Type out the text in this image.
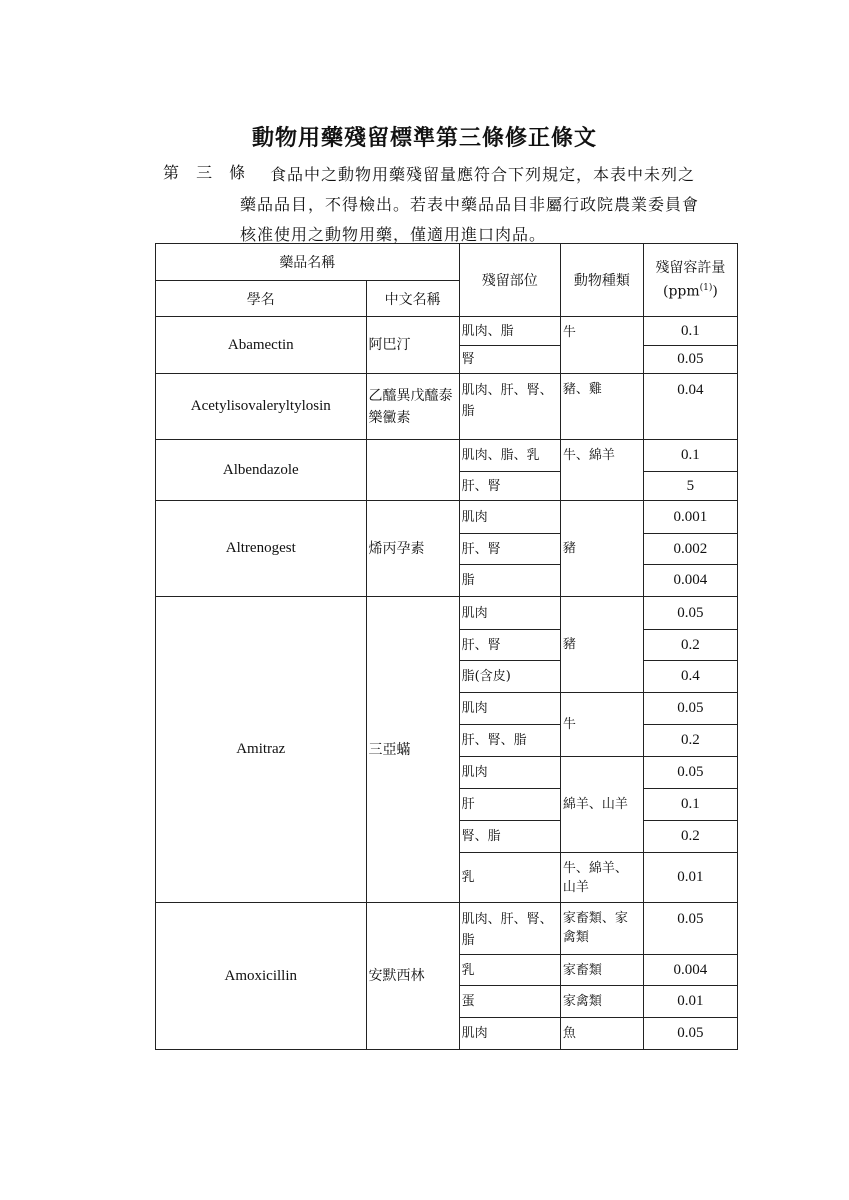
動物用藥殘留標準第三條修正條文
第 三 條	食品中之動物用藥殘留量應符合下列規定，本表中未列之
藥品品目，不得檢出。若表中藥品品目非屬行政院農業委員會
核准使用之動物用藥，僅適用進口肉品。
藥品名稱		殘留部位	動物種類	殘留容許量
(ppm$^{(1)}$)
學名	中文名稱			
Abamectin	阿巴汀	肌肉、脂	牛	0.1
		腎		0.05
Acetylisovaleryltylosin	乙醯異戊醯泰樂黴素	肌肉、肝、腎、脂	豬、雞	0.04
Albendazole		肌肉、脂、乳	牛、綿羊	0.1
		肝、腎		5
Altrenogest	烯丙孕素	肌肉	豬	0.001
		肝、腎		0.002
		脂		0.004
Amitraz	三亞蟎	肌肉	豬	0.05
		肝、腎		0.2
		脂(含皮)		0.4
		肌肉	牛	0.05
		肝、腎、脂		0.2
		肌肉	綿羊、山羊	0.05
		肝		0.1
		腎、脂		0.2
		乳	牛、綿羊、山羊	0.01
Amoxicillin	安默西林	肌肉、肝、腎、脂	家畜類、家禽類	0.05
		乳	家畜類	0.004
		蛋	家禽類	0.01
		肌肉	魚	0.05
